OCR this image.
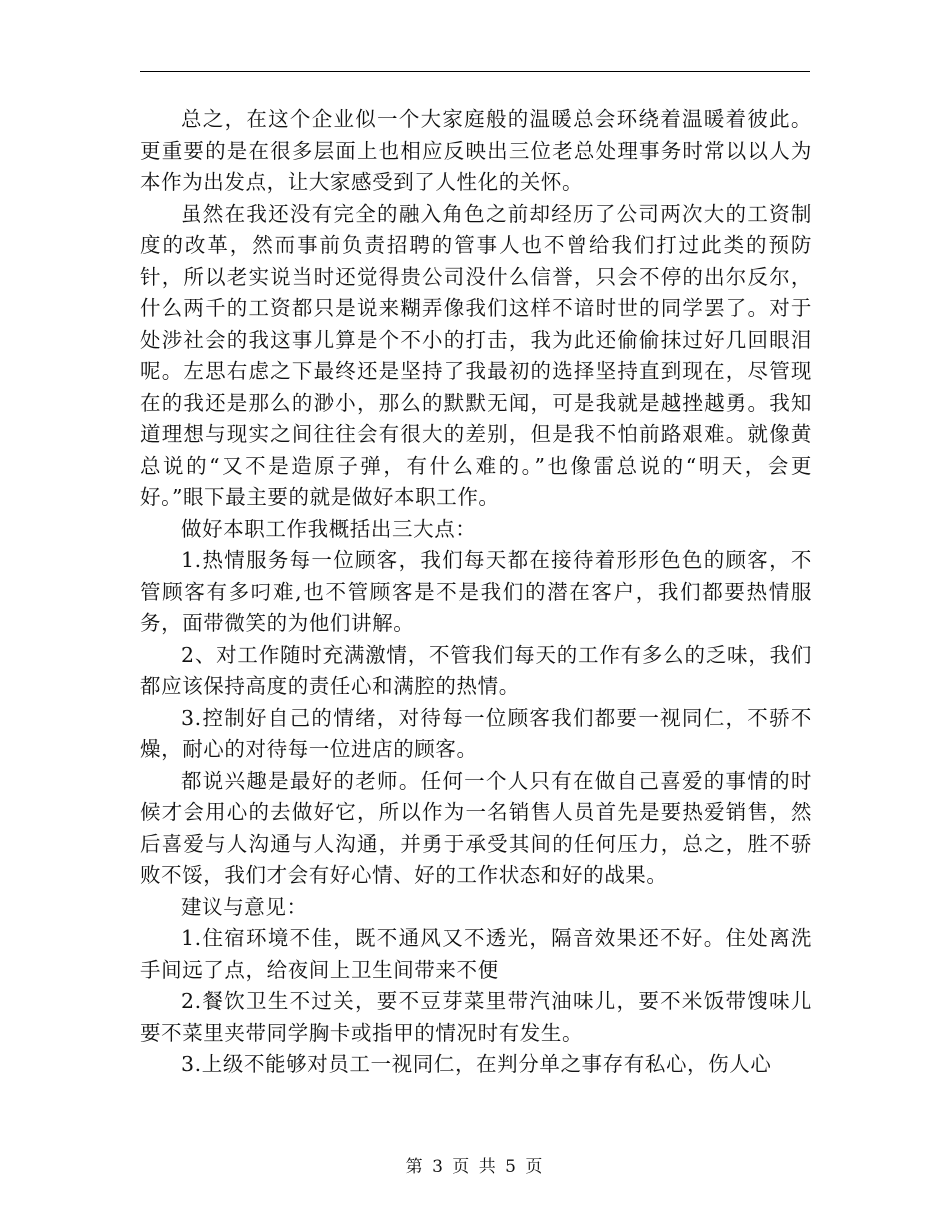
总之，在这个企业似一个大家庭般的温暖总会环绕着温暖着彼此。更重要的是在很多层面上也相应反映出三位老总处理事务时常以以人为本作为出发点，让大家感受到了人性化的关怀。

虽然在我还没有完全的融入角色之前却经历了公司两次大的工资制度的改革，然而事前负责招聘的管事人也不曾给我们打过此类的预防针，所以老实说当时还觉得贵公司没什么信誉，只会不停的出尔反尔，什么两千的工资都只是说来糊弄像我们这样不谙时世的同学罢了。对于处涉社会的我这事儿算是个不小的打击，我为此还偷偷抹过好几回眼泪呢。左思右虑之下最终还是坚持了我最初的选择坚持直到现在，尽管现在的我还是那么的渺小，那么的默默无闻，可是我就是越挫越勇。我知道理想与现实之间往往会有很大的差别，但是我不怕前路艰难。就像黄总说的“又不是造原子弹，有什么难的。”也像雷总说的“明天，会更好。”眼下最主要的就是做好本职工作。

做好本职工作我概括出三大点：

1.热情服务每一位顾客，我们每天都在接待着形形色色的顾客，不管顾客有多叼难,也不管顾客是不是我们的潜在客户，我们都要热情服务，面带微笑的为他们讲解。

2、对工作随时充满激情，不管我们每天的工作有多么的乏味，我们都应该保持高度的责任心和满腔的热情。

3.控制好自己的情绪，对待每一位顾客我们都要一视同仁，不骄不燥，耐心的对待每一位进店的顾客。

都说兴趣是最好的老师。任何一个人只有在做自己喜爱的事情的时候才会用心的去做好它，所以作为一名销售人员首先是要热爱销售，然后喜爱与人沟通与人沟通，并勇于承受其间的任何压力，总之，胜不骄败不馁，我们才会有好心情、好的工作状态和好的战果。

建议与意见：

1.住宿环境不佳，既不通风又不透光，隔音效果还不好。住处离洗手间远了点，给夜间上卫生间带来不便

2.餐饮卫生不过关，要不豆芽菜里带汽油味儿，要不米饭带馊味儿要不菜里夹带同学胸卡或指甲的情况时有发生。

3.上级不能够对员工一视同仁，在判分单之事存有私心，伤人心

第 3 页 共 5 页
